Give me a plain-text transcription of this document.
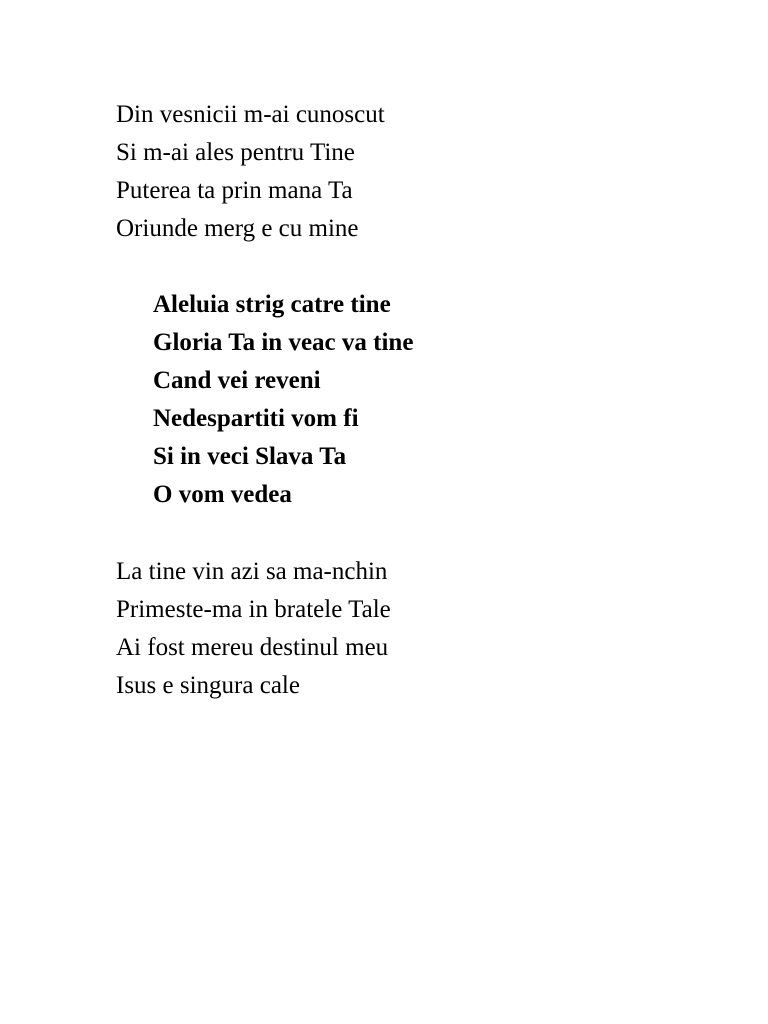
Din vesnicii m-ai cunoscut
Si m-ai ales pentru Tine
Puterea ta prin mana Ta
Oriunde merg e cu mine
Aleluia strig catre tine
Gloria Ta in veac va tine
Cand vei reveni
Nedespartiti vom fi
Si in veci Slava Ta
O vom vedea
La tine vin azi sa ma-nchin
Primeste-ma in bratele Tale
Ai fost mereu destinul meu
Isus e singura cale
